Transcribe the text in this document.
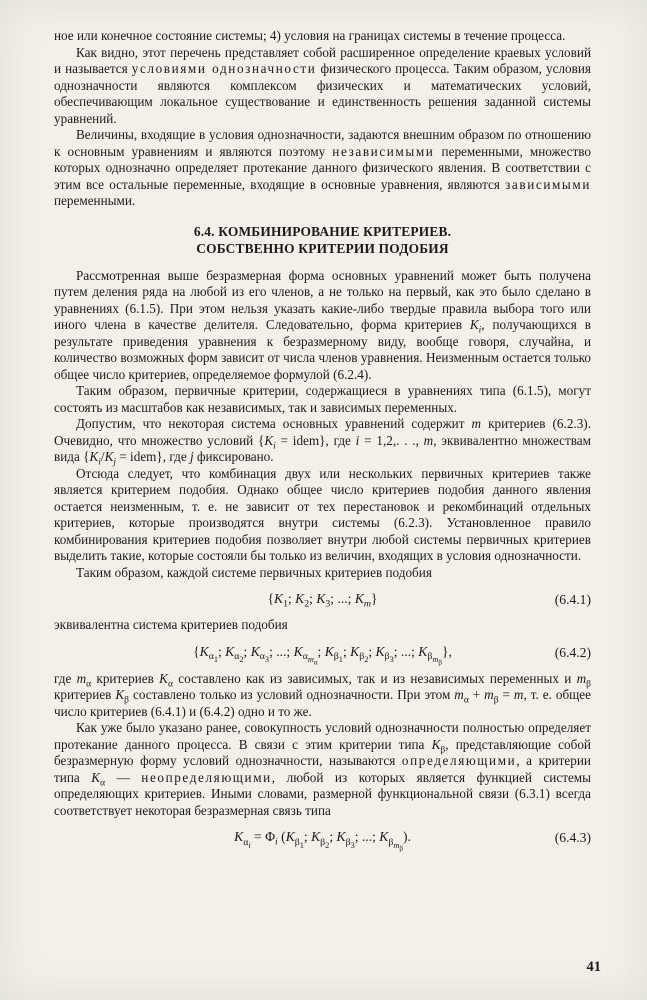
ное или конечное состояние системы; 4) условия на границах системы в течение процесса.

Как видно, этот перечень представляет собой расширенное определение краевых условий и называется условиями однозначности физического процесса. Таким образом, условия однозначности являются комплексом физических и математических условий, обеспечивающим локальное существование и единственность решения заданной системы уравнений.

Величины, входящие в условия однозначности, задаются внешним образом по отношению к основным уравнениям и являются поэтому независимыми переменными, множество которых однозначно определяет протекание данного физического явления. В соответствии с этим все остальные переменные, входящие в основные уравнения, являются зависимыми переменными.

6.4. КОМБИНИРОВАНИЕ КРИТЕРИЕВ.
СОБСТВЕННО КРИТЕРИИ ПОДОБИЯ

Рассмотренная выше безразмерная форма основных уравнений может быть получена путем деления ряда на любой из его членов, а не только на первый, как это было сделано в уравнениях (6.1.5). При этом нельзя указать какие-либо твердые правила выбора того или иного члена в качестве делителя. Следовательно, форма критериев $K_i$, получающихся в результате приведения уравнения к безразмерному виду, вообще говоря, случайна, и количество возможных форм зависит от числа членов уравнения. Неизменным остается только общее число критериев, определяемое формулой (6.2.4).

Таким образом, первичные критерии, содержащиеся в уравнениях типа (6.1.5), могут состоять из масштабов как независимых, так и зависимых переменных.

Допустим, что некоторая система основных уравнений содержит m критериев (6.2.3). Очевидно, что множество условий {$K_i$ = idem}, где i = 1,2,. . ., m, эквивалентно множествам вида {$K_i/K_j$ = idem}, где j фиксировано.

Отсюда следует, что комбинация двух или нескольких первичных критериев также является критерием подобия. Однако общее число критериев подобия данного явления остается неизменным, т. е. не зависит от тех перестановок и рекомбинаций отдельных критериев, которые производятся внутри системы (6.2.3). Установленное правило комбинирования критериев подобия позволяет внутри любой системы первичных критериев выделить такие, которые состояли бы только из величин, входящих в условия однозначности.

Таким образом, каждой системе первичных критериев подобия

{$K_1$; $K_2$; $K_3$; ...; $K_m$}	(6.4.1)

эквивалентна система критериев подобия

{$K_{\alpha_1}$; $K_{\alpha_2}$; $K_{\alpha_3}$; ...; $K_{\alpha_{m_\alpha}}$; $K_{\beta_1}$; $K_{\beta_2}$; $K_{\beta_3}$; ...; $K_{\beta_{m_\beta}}$},	(6.4.2)

где $m_\alpha$ критериев $K_\alpha$ составлено как из зависимых, так и из независимых переменных и $m_\beta$ критериев $K_\beta$ составлено только из условий однозначности. При этом $m_\alpha + m_\beta = m$, т. е. общее число критериев (6.4.1) и (6.4.2) одно и то же.

Как уже было указано ранее, совокупность условий однозначности полностью определяет протекание данного процесса. В связи с этим критерии типа $K_\beta$, представляющие собой безразмерную форму условий однозначности, называются определяющими, а критерии типа $K_\alpha$ — неопределяющими, любой из которых является функцией системы определяющих критериев. Иными словами, размерной функциональной связи (6.3.1) всегда соответствует некоторая безразмерная связь типа

$K_{\alpha_i} = \Phi_i$ ($K_{\beta_1}$; $K_{\beta_2}$; $K_{\beta_3}$; ...; $K_{\beta_{m_\beta}}$).	(6.4.3)
41
